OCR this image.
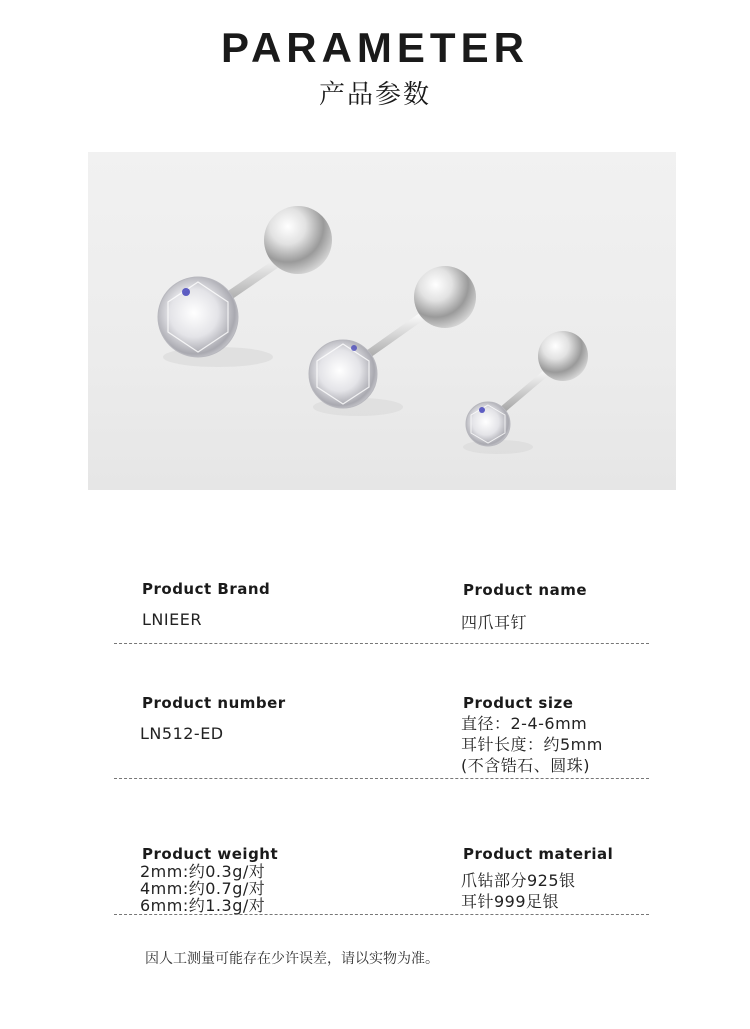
PARAMETER
产品参数
Product Brand
LNIEER
Product name
四爪耳钉
Product number
LN512-ED
Product size
直径：2-4-6mm
耳针长度：约5mm
(不含锆石、圆珠)
Product weight
2mm:约0.3g/对
4mm:约0.7g/对
6mm:约1.3g/对
Product material
爪钻部分925银
耳针999足银
因人工测量可能存在少许误差，请以实物为准。
